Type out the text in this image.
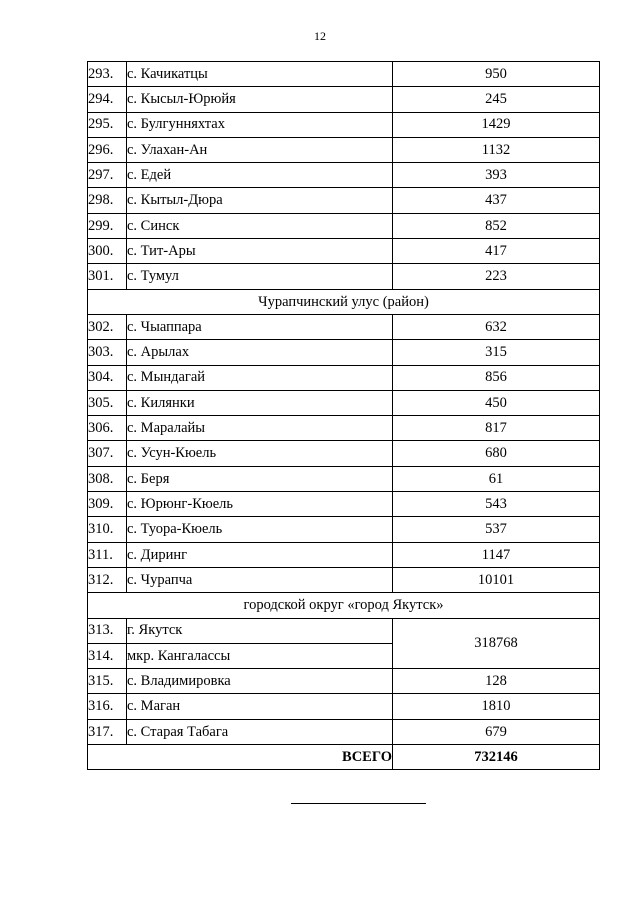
12
293.	с. Качикатцы	950
294.	с. Кысыл-Юрюйя	245
295.	с. Булгунняхтах	1429
296.	с. Улахан-Ан	1132
297.	с. Едей	393
298.	с. Кытыл-Дюра	437
299.	с. Синск	852
300.	с. Тит-Ары	417
301.	с. Тумул	223
Чурапчинский улус (район)		
302.	с. Чыаппара	632
303.	с. Арылах	315
304.	с. Мындагай	856
305.	с. Килянки	450
306.	с. Маралайы	817
307.	с. Усун-Кюель	680
308.	с. Беря	61
309.	с. Юрюнг-Кюель	543
310.	с. Туора-Кюель	537
311.	с. Диринг	1147
312.	с. Чурапча	10101
городской округ «город Якутск»		
313.	г. Якутск	318768
314.	мкр. Кангалассы	
315.	с. Владимировка	128
316.	с. Маган	1810
317.	с. Старая Табага	679
ВСЕГО		732146
